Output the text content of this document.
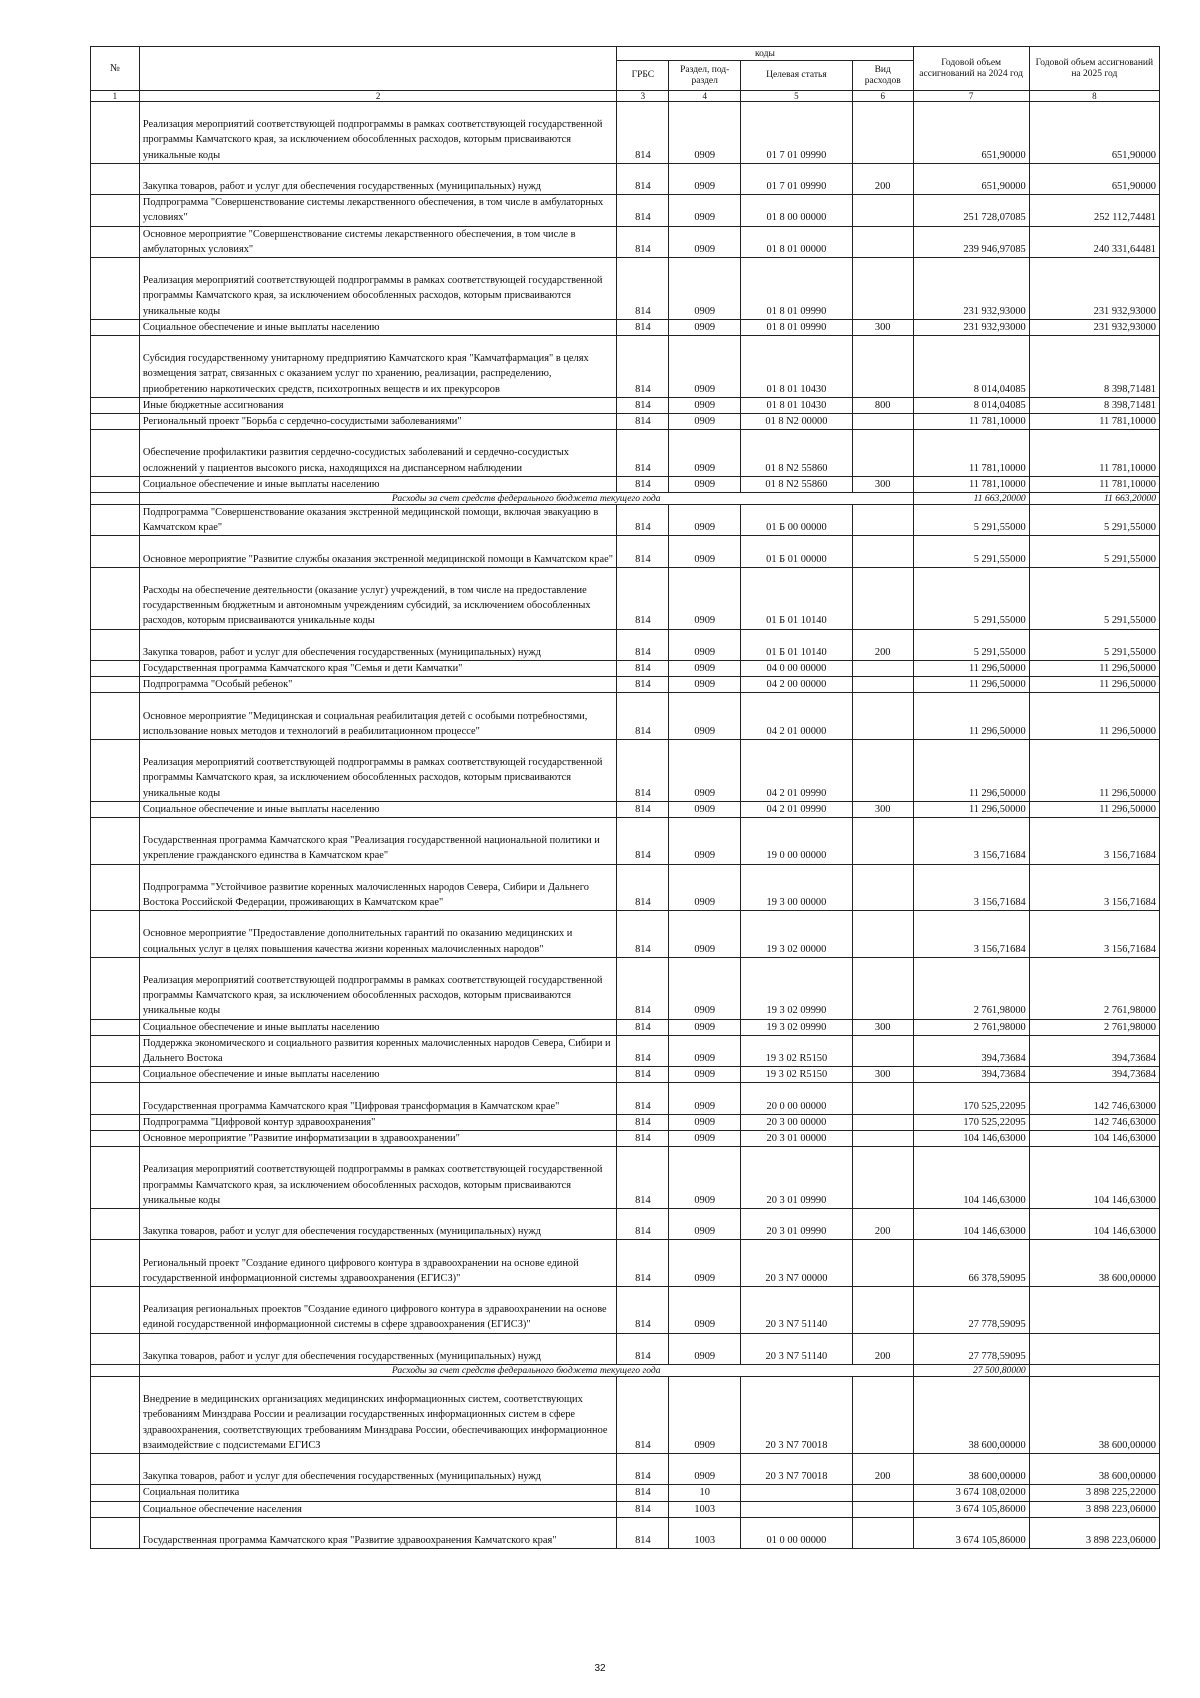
№		коды				Годовой объем ассигнований на 2024 год	Годовой объем ассигнований на 2025 год
		ГРБС	Раздел, под-раздел	Целевая статья	Вид расходов		
1	2	3	4	5	6	7	8
	Реализация мероприятий соответствующей подпрограммы в рамках соответствующей государственной программы Камчатского края, за исключением обособленных расходов, которым присваиваются уникальные коды	814	0909	01 7 01 09990		651,90000	651,90000
	Закупка товаров, работ и услуг для обеспечения государственных (муниципальных) нужд	814	0909	01 7 01 09990	200	651,90000	651,90000
	Подпрограмма "Совершенствование системы лекарственного обеспечения, в том числе в амбулаторных условиях"	814	0909	01 8 00 00000		251 728,07085	252 112,74481
	Основное мероприятие "Совершенствование системы лекарственного обеспечения, в том числе в амбулаторных условиях"	814	0909	01 8 01 00000		239 946,97085	240 331,64481
	Реализация мероприятий соответствующей подпрограммы в рамках соответствующей государственной программы Камчатского края, за исключением обособленных расходов, которым присваиваются уникальные коды	814	0909	01 8 01 09990		231 932,93000	231 932,93000
	Социальное обеспечение и иные выплаты населению	814	0909	01 8 01 09990	300	231 932,93000	231 932,93000
	Субсидия государственному унитарному предприятию Камчатского края "Камчатфармация" в целях возмещения затрат, связанных с оказанием услуг по хранению, реализации, распределению, приобретению наркотических средств, психотропных веществ и их прекурсоров	814	0909	01 8 01 10430		8 014,04085	8 398,71481
	Иные бюджетные ассигнования	814	0909	01 8 01 10430	800	8 014,04085	8 398,71481
	Региональный проект "Борьба с сердечно-сосудистыми заболеваниями"	814	0909	01 8 N2 00000		11 781,10000	11 781,10000
	Обеспечение профилактики развития сердечно-сосудистых заболеваний и сердечно-сосудистых осложнений у пациентов высокого риска, находящихся на диспансерном наблюдении	814	0909	01 8 N2 55860		11 781,10000	11 781,10000
	Социальное обеспечение и иные выплаты населению	814	0909	01 8 N2 55860	300	11 781,10000	11 781,10000
	Расходы за счет средств федерального бюджета текущего года					11 663,20000	11 663,20000
	Подпрограмма "Совершенствование оказания экстренной медицинской помощи, включая эвакуацию в Камчатском крае"	814	0909	01 Б 00 00000		5 291,55000	5 291,55000
	Основное мероприятие "Развитие службы оказания экстренной медицинской помощи в Камчатском крае"	814	0909	01 Б 01 00000		5 291,55000	5 291,55000
	Расходы на обеспечение деятельности (оказание услуг) учреждений, в том числе на предоставление государственным бюджетным и автономным учреждениям субсидий, за исключением обособленных расходов, которым присваиваются уникальные коды	814	0909	01 Б 01 10140		5 291,55000	5 291,55000
	Закупка товаров, работ и услуг для обеспечения государственных (муниципальных) нужд	814	0909	01 Б 01 10140	200	5 291,55000	5 291,55000
	Государственная программа Камчатского края "Семья и дети Камчатки"	814	0909	04 0 00 00000		11 296,50000	11 296,50000
	Подпрограмма "Особый ребенок"	814	0909	04 2 00 00000		11 296,50000	11 296,50000
	Основное мероприятие "Медицинская и социальная реабилитация детей с особыми потребностями, использование новых методов и технологий в реабилитационном процессе"	814	0909	04 2 01 00000		11 296,50000	11 296,50000
	Реализация мероприятий соответствующей подпрограммы в рамках соответствующей государственной программы Камчатского края, за исключением обособленных расходов, которым присваиваются уникальные коды	814	0909	04 2 01 09990		11 296,50000	11 296,50000
	Социальное обеспечение и иные выплаты населению	814	0909	04 2 01 09990	300	11 296,50000	11 296,50000
	Государственная программа Камчатского края "Реализация государственной национальной политики и укрепление гражданского единства в Камчатском крае"	814	0909	19 0 00 00000		3 156,71684	3 156,71684
	Подпрограмма "Устойчивое развитие коренных малочисленных народов Севера, Сибири и Дальнего Востока Российской Федерации, проживающих в Камчатском крае"	814	0909	19 3 00 00000		3 156,71684	3 156,71684
	Основное мероприятие "Предоставление дополнительных гарантий по оказанию медицинских и социальных услуг в целях повышения качества жизни коренных малочисленных народов"	814	0909	19 3 02 00000		3 156,71684	3 156,71684
	Реализация мероприятий соответствующей подпрограммы в рамках соответствующей государственной программы Камчатского края, за исключением обособленных расходов, которым присваиваются уникальные коды	814	0909	19 3 02 09990		2 761,98000	2 761,98000
	Социальное обеспечение и иные выплаты населению	814	0909	19 3 02 09990	300	2 761,98000	2 761,98000
	Поддержка экономического и социального развития коренных малочисленных народов Севера, Сибири и Дальнего Востока	814	0909	19 3 02 R5150		394,73684	394,73684
	Социальное обеспечение и иные выплаты населению	814	0909	19 3 02 R5150	300	394,73684	394,73684
	Государственная программа Камчатского края "Цифровая трансформация в Камчатском крае"	814	0909	20 0 00 00000		170 525,22095	142 746,63000
	Подпрограмма "Цифровой контур здравоохранения"	814	0909	20 3 00 00000		170 525,22095	142 746,63000
	Основное мероприятие "Развитие информатизации в здравоохранении"	814	0909	20 3 01 00000		104 146,63000	104 146,63000
	Реализация мероприятий соответствующей подпрограммы в рамках соответствующей государственной программы Камчатского края, за исключением обособленных расходов, которым присваиваются уникальные коды	814	0909	20 3 01 09990		104 146,63000	104 146,63000
	Закупка товаров, работ и услуг для обеспечения государственных (муниципальных) нужд	814	0909	20 3 01 09990	200	104 146,63000	104 146,63000
	Региональный проект "Создание единого цифрового контура в здравоохранении на основе единой государственной информационной системы здравоохранения (ЕГИСЗ)"	814	0909	20 3 N7 00000		66 378,59095	38 600,00000
	Реализация региональных проектов "Создание единого цифрового контура в здравоохранении на основе единой государственной информационной системы в сфере здравоохранения (ЕГИСЗ)"	814	0909	20 3 N7 51140		27 778,59095	
	Закупка товаров, работ и услуг для обеспечения государственных (муниципальных) нужд	814	0909	20 3 N7 51140	200	27 778,59095	
	Расходы за счет средств федерального бюджета текущего года					27 500,80000	
	Внедрение в медицинских организациях медицинских информационных систем, соответствующих требованиям Минздрава России и реализации государственных информационных систем в сфере здравоохранения, соответствующих требованиям Минздрава России, обеспечивающих информационное взаимодействие с подсистемами ЕГИСЗ	814	0909	20 3 N7 70018		38 600,00000	38 600,00000
	Закупка товаров, работ и услуг для обеспечения государственных (муниципальных) нужд	814	0909	20 3 N7 70018	200	38 600,00000	38 600,00000
	Социальная политика	814	10			3 674 108,02000	3 898 225,22000
	Социальное обеспечение населения	814	1003			3 674 105,86000	3 898 223,06000
	Государственная программа Камчатского края "Развитие здравоохранения Камчатского края"	814	1003	01 0 00 00000		3 674 105,86000	3 898 223,06000
32
